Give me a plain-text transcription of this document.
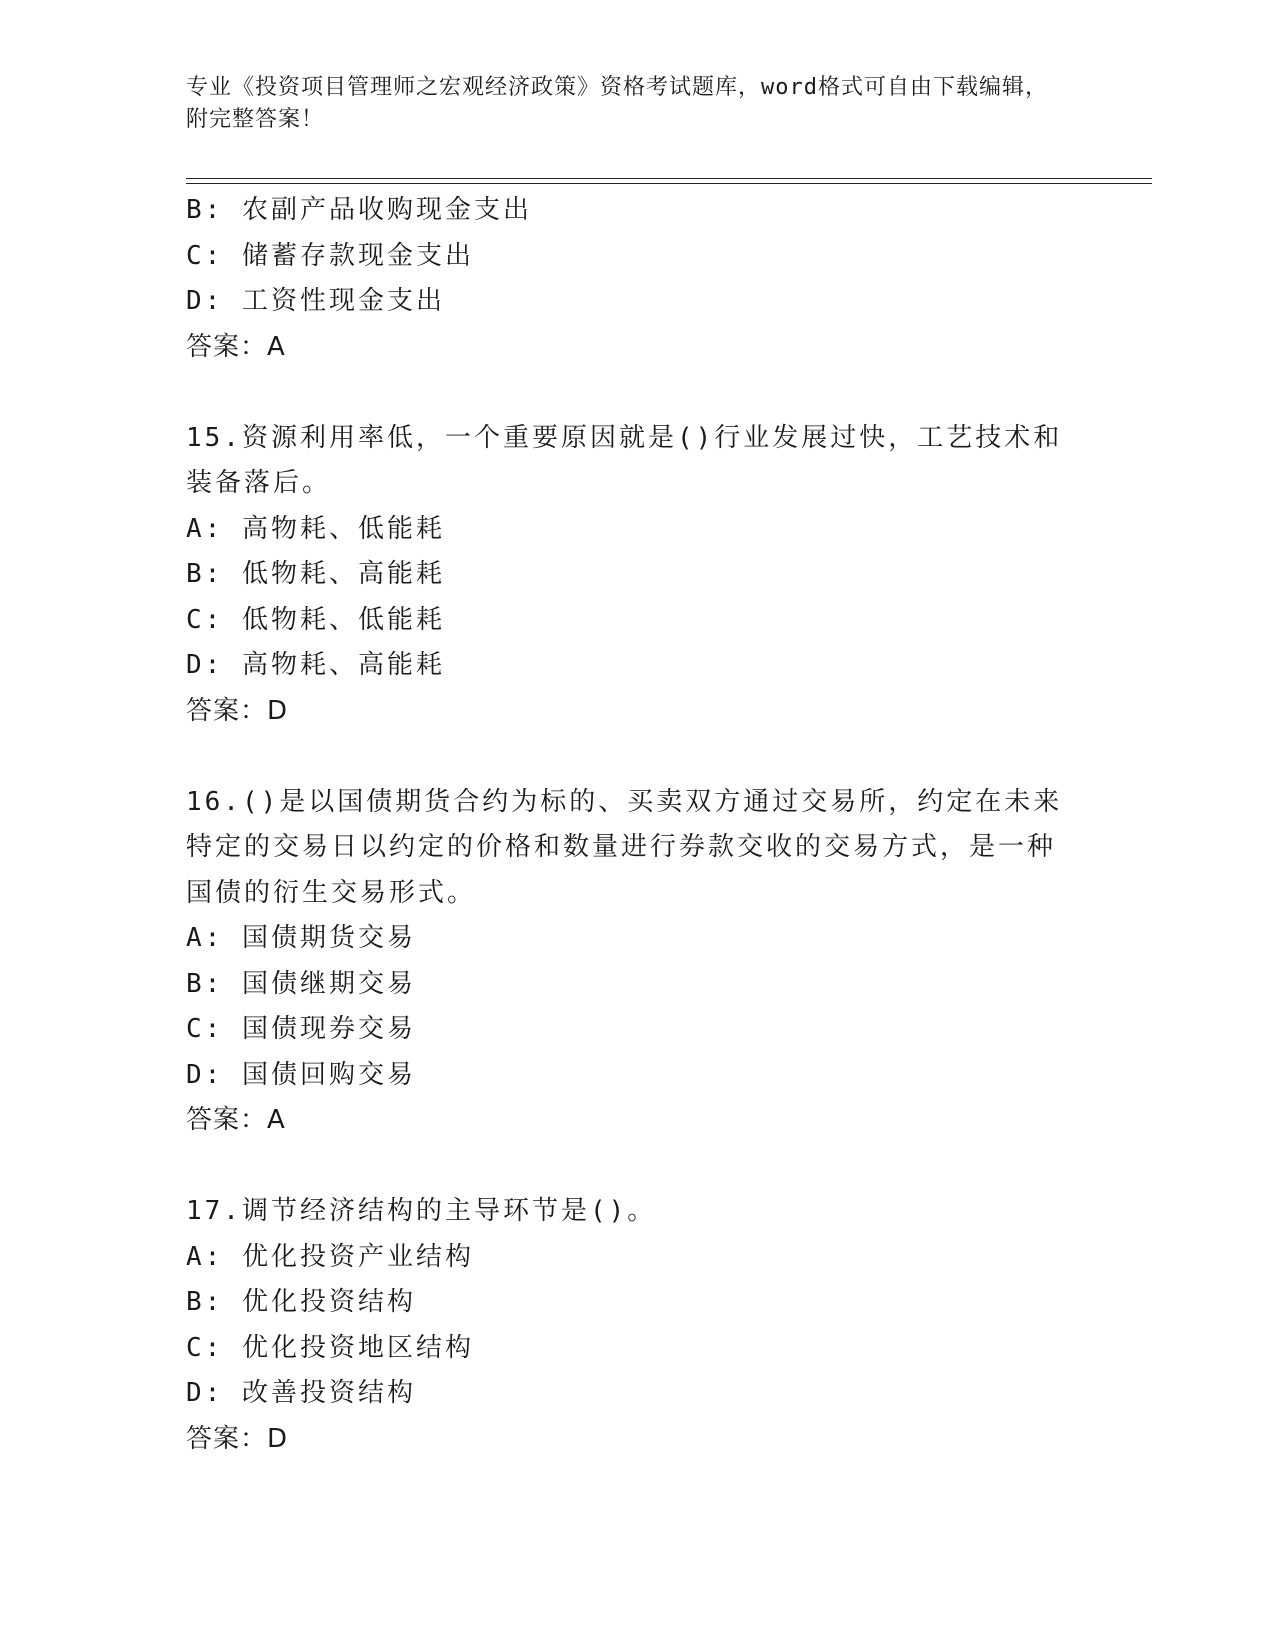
专业《投资项目管理师之宏观经济政策》资格考试题库，word格式可自由下载编辑，附完整答案！
B: 农副产品收购现金支出
C: 储蓄存款现金支出
D: 工资性现金支出
答案：A
15.资源利用率低，一个重要原因就是()行业发展过快，工艺技术和装备落后。
A: 高物耗、低能耗
B: 低物耗、高能耗
C: 低物耗、低能耗
D: 高物耗、高能耗
答案：D
16.()是以国债期货合约为标的、买卖双方通过交易所，约定在未来特定的交易日以约定的价格和数量进行券款交收的交易方式，是一种国债的衍生交易形式。
A: 国债期货交易
B: 国债继期交易
C: 国债现券交易
D: 国债回购交易
答案：A
17.调节经济结构的主导环节是()。
A: 优化投资产业结构
B: 优化投资结构
C: 优化投资地区结构
D: 改善投资结构
答案：D
